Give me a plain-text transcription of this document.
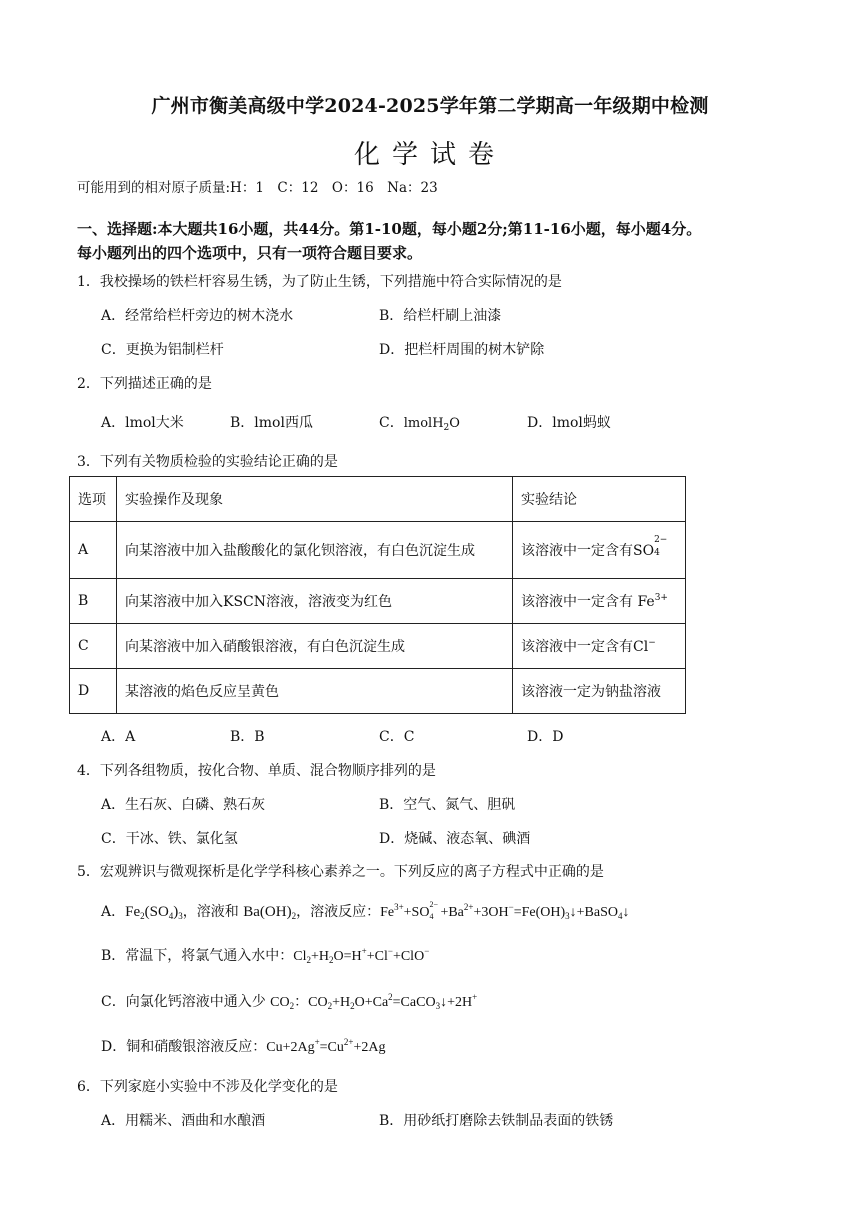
广州市衡美高级中学2024-2025学年第二学期高一年级期中检测
化学试卷
可能用到的相对原子质量:H：1　C：12　O：16　Na：23
一、选择题:本大题共16小题，共44分。第1-10题，每小题2分;第11-16小题，每小题4分。
每小题列出的四个选项中，只有一项符合题目要求。
1．我校操场的铁栏杆容易生锈，为了防止生锈，下列措施中符合实际情况的是
A．经常给栏杆旁边的树木浇水	B．给栏杆刷上油漆
C．更换为铝制栏杆	D．把栏杆周围的树木铲除
2．下列描述正确的是
A．lmol大米	B．lmol西瓜	C．lmolH$_2$O	D．lmol蚂蚁
3．下列有关物质检验的实验结论正确的是
选项	实验操作及现象	实验结论
A	向某溶液中加入盐酸酸化的氯化钡溶液，有白色沉淀生成	该溶液中一定含有SO
2−
4

B	向某溶液中加入KSCN溶液，溶液变为红色	该溶液中一定含有 $Fe^{3+}$
C	向某溶液中加入硝酸银溶液，有白色沉淀生成	该溶液中一定含有Cl−
D	某溶液的焰色反应呈黄色	该溶液一定为钠盐溶液
A．A	B．B	C．C	D．D
4．下列各组物质，按化合物、单质、混合物顺序排列的是
A．生石灰、白磷、熟石灰	B．空气、氮气、胆矾
C．干冰、铁、氯化氢	D．烧碱、液态氧、碘酒
5．宏观辨识与微观探析是化学学科核心素养之一。下列反应的离子方程式中正确的是
A．$Fe_2(SO_4)_3$，溶液和 $Ba(OH)_2$，溶液反应：$Fe^{3+}+SO$
2−
$4 +Ba^{2+}+3OH^-=Fe(OH)_3↓+BaSO_4↓$
B．常温下，将氯气通入水中：$Cl_2+H_2O=H^++Cl^-+ClO^-$
C．向氯化钙溶液中通入少 $CO_2$：$CO_2+H_2O+Ca^2=CaCO_3↓+2H^+$
D．铜和硝酸银溶液反应：$Cu+2Ag^+=Cu^{2+}+2Ag$
6．下列家庭小实验中不涉及化学变化的是
A．用糯米、酒曲和水酿酒	B．用砂纸打磨除去铁制品表面的铁锈
